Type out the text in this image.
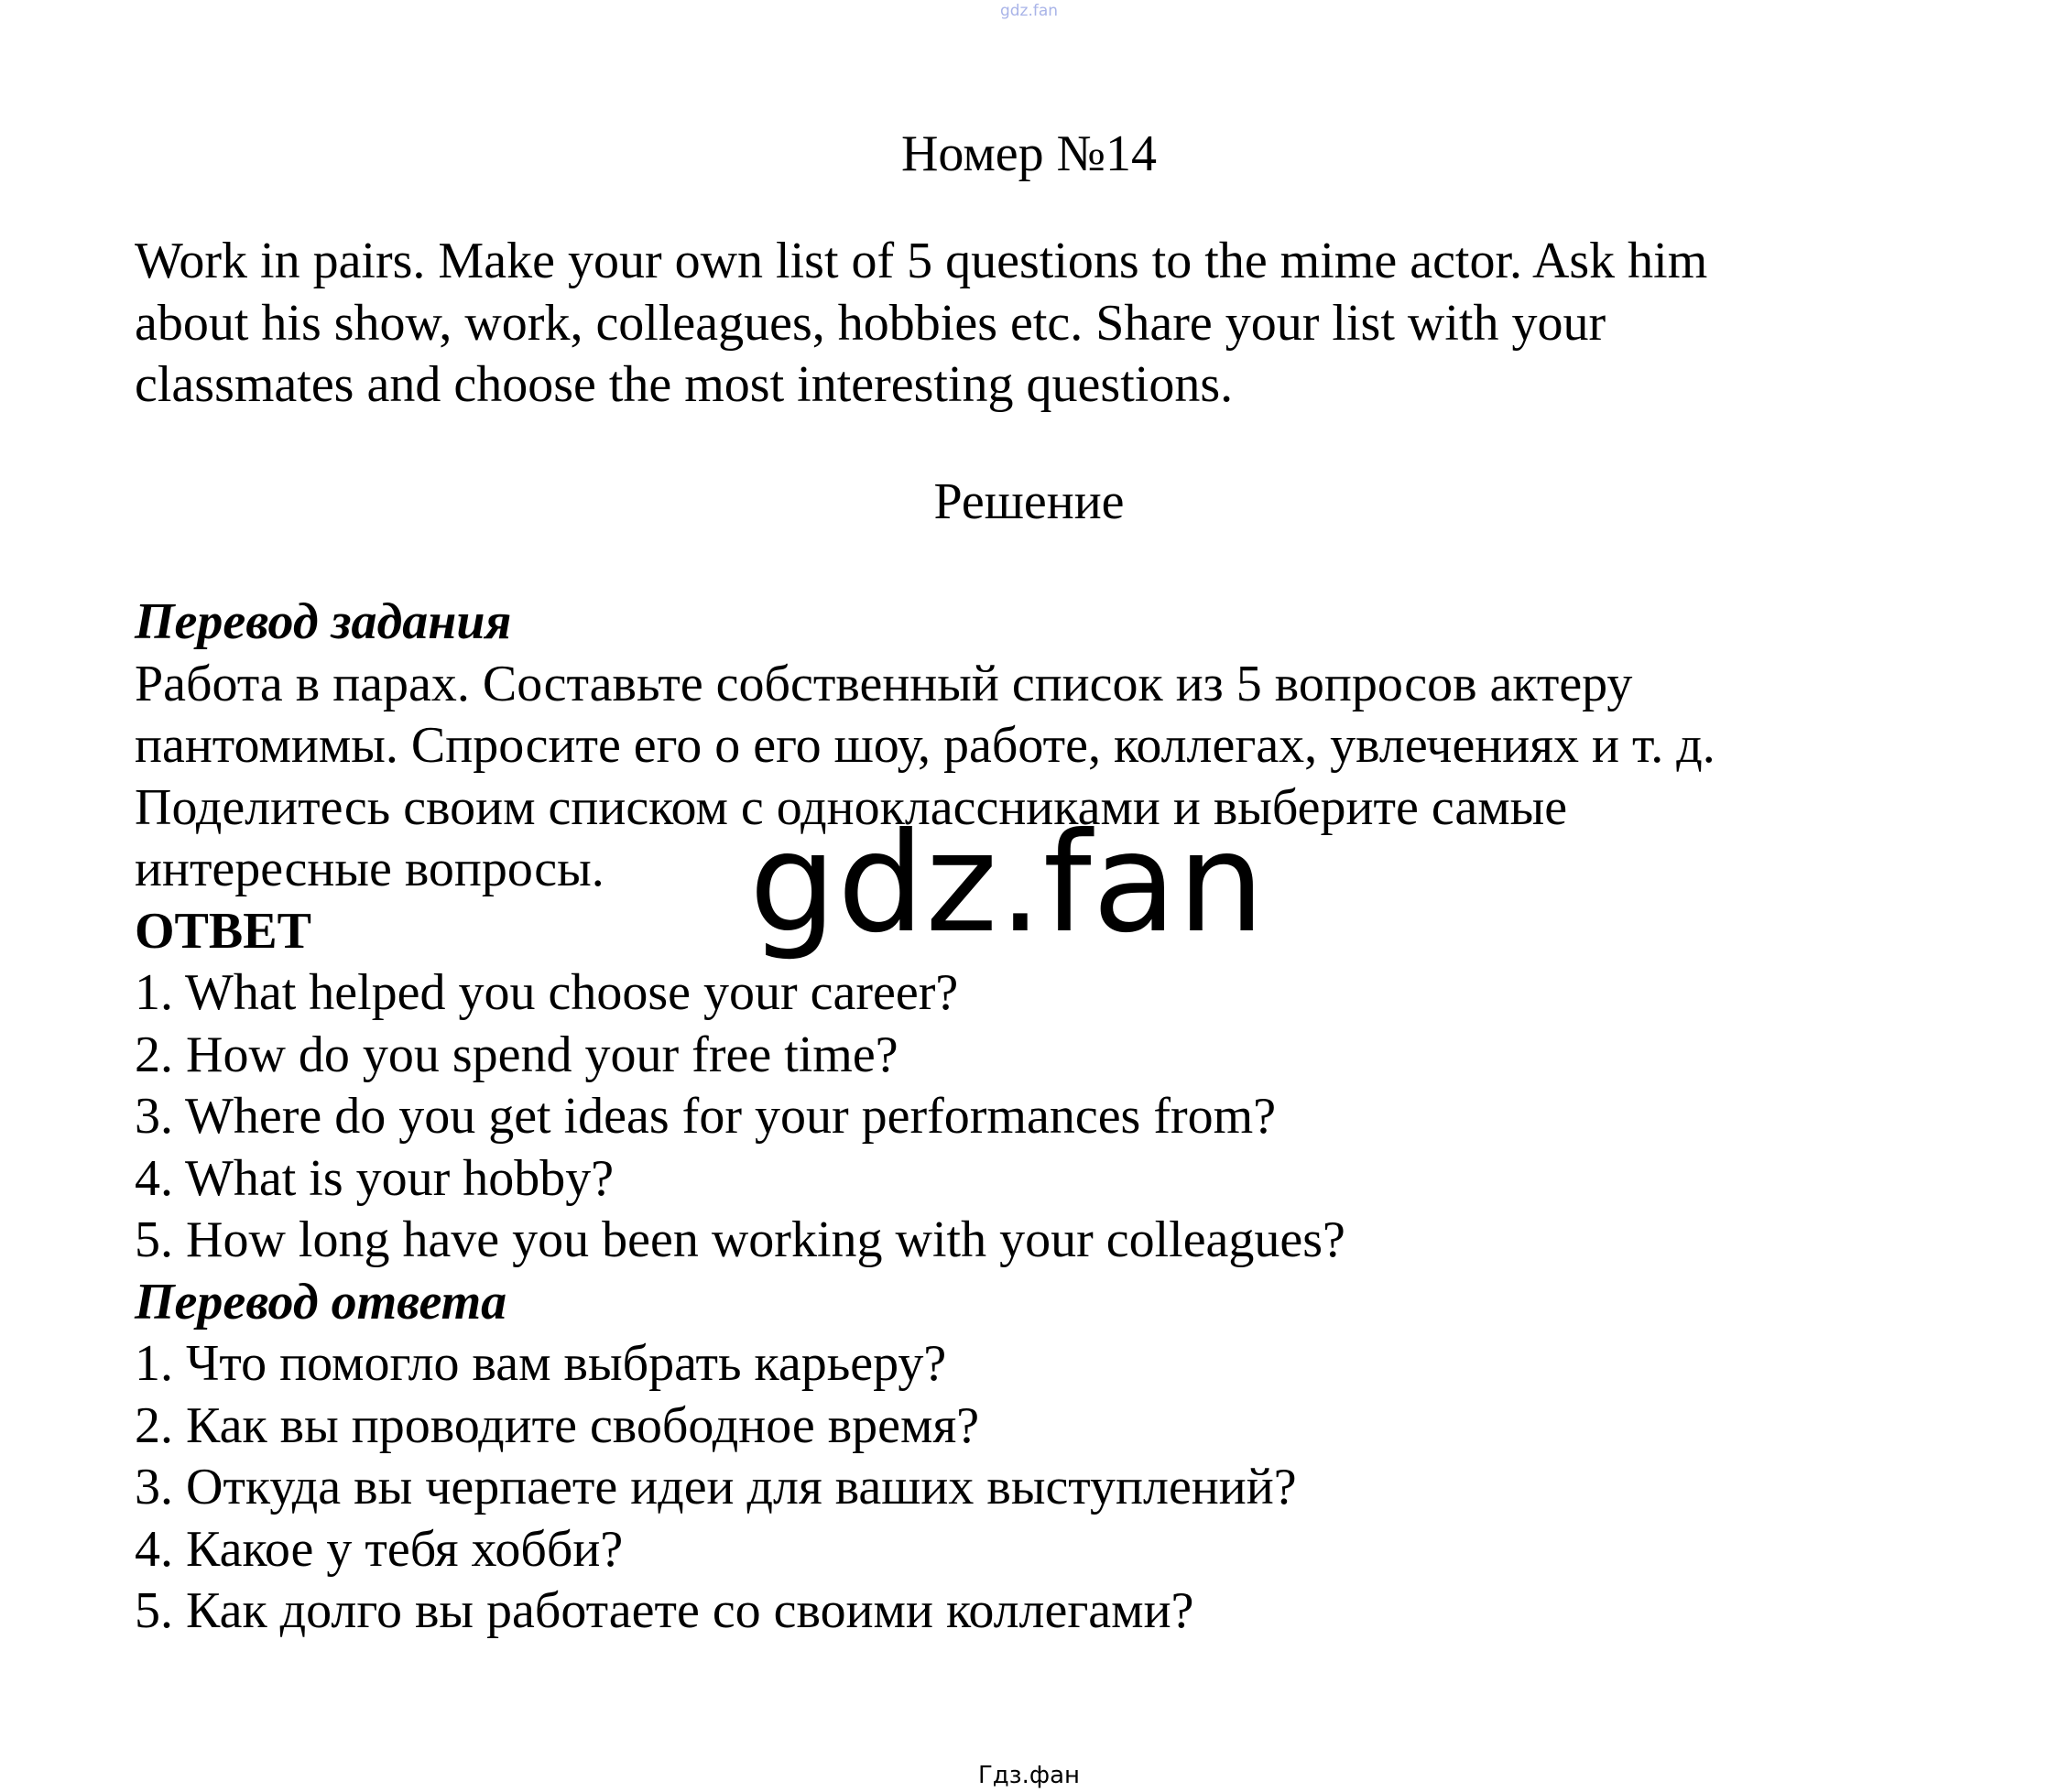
gdz.fan
Номер №14
Work in pairs. Make your own list of 5 questions to the mime actor. Ask him
about his show, work, colleagues, hobbies etc. Share your list with your
classmates and choose the most interesting questions.
Решение
Перевод задания
Работа в парах. Составьте собственный список из 5 вопросов актеру
пантомимы. Спросите его о его шоу, работе, коллегах, увлечениях и т. д.
Поделитесь своим списком с одноклассниками и выберите самые
интересные вопросы.
ОТВЕТ
1. What helped you choose your career?
2. How do you spend your free time?
3. Where do you get ideas for your performances from?
4. What is your hobby?
5. How long have you been working with your colleagues?
Перевод ответа
1. Что помогло вам выбрать карьеру?
2. Как вы проводите свободное время?
3. Откуда вы черпаете идеи для ваших выступлений?
4. Какое у тебя хобби?
5. Как долго вы работаете со своими коллегами?
gdz.fan
Гдз.фан
